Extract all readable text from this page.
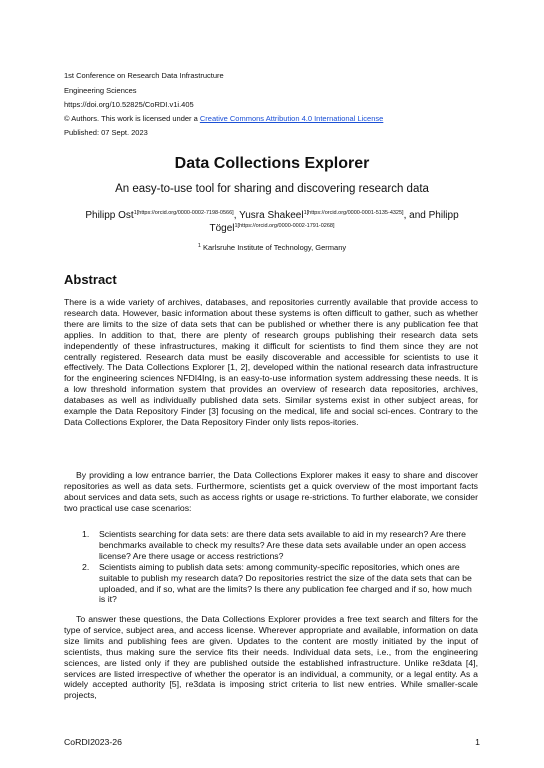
1st Conference on Research Data Infrastructure
Engineering Sciences
https://doi.org/10.52825/CoRDI.v1i.405
© Authors. This work is licensed under a Creative Commons Attribution 4.0 International License
Published: 07 Sept. 2023
Data Collections Explorer
An easy-to-use tool for sharing and discovering research data
Philipp Ost$^{1[https://orcid.org/0000-0002-7198-0566]}$, Yusra Shakeel$^{1[https://orcid.org/0000-0001-5135-4325]}$, and Philipp Tögel$^{1[https://orcid.org/0000-0002-1791-0268]}$
$^1$ Karlsruhe Institute of Technology, Germany
Abstract

There is a wide variety of archives, databases, and repositories currently available that provide access to research data. However, basic information about these systems is often difficult to gather, such as whether there are limits to the size of data sets that can be published or whether there is any publication fee that applies. In addition to that, there are plenty of research groups publishing their research data sets independently of these infrastructures, making it difficult for scientists to find them since they are not centrally registered. Research data must be easily discoverable and accessible for scientists to use it effectively. The Data Collections Explorer [1, 2], developed within the national research data infrastructure for the engineering sciences NFDI4Ing, is an easy-to-use information system addressing these needs. It is a low threshold information system that provides an overview of research data repositories, archives, databases as well as individually published data sets. Similar systems exist in other subject areas, for example the Data Repository Finder [3] focusing on the medical, life and social sci-ences. Contrary to the Data Collections Explorer, the Data Repository Finder only lists repos-itories.

By providing a low entrance barrier, the Data Collections Explorer makes it easy to share and discover repositories as well as data sets. Furthermore, scientists get a quick overview of the most important facts about services and data sets, such as access rights or usage re-strictions. To further elaborate, we consider two practical use case scenarios:

1. Scientists searching for data sets: are there data sets available to aid in my research? Are there benchmarks available to check my results? Are these data sets available under an open access license? Are there usage or access restrictions?
2. Scientists aiming to publish data sets: among community-specific repositories, which ones are suitable to publish my research data? Do repositories restrict the size of the data sets that can be uploaded, and if so, what are the limits? Is there any publication fee charged and if so, how much is it?

To answer these questions, the Data Collections Explorer provides a free text search and filters for the type of service, subject area, and access license. Wherever appropriate and available, information on data size limits and publishing fees are given. Updates to the content are mostly initiated by the input of scientists, thus making sure the service fits their needs. Individual data sets, i.e., from the engineering sciences, are listed only if they are published outside the established infrastructure. Unlike re3data [4], services are listed irrespective of whether the operator is an individual, a community, or a legal entity. As a widely accepted authority [5], re3data is imposing strict criteria to list new entries. While smaller-scale projects,

CoRDI2023-26	1
